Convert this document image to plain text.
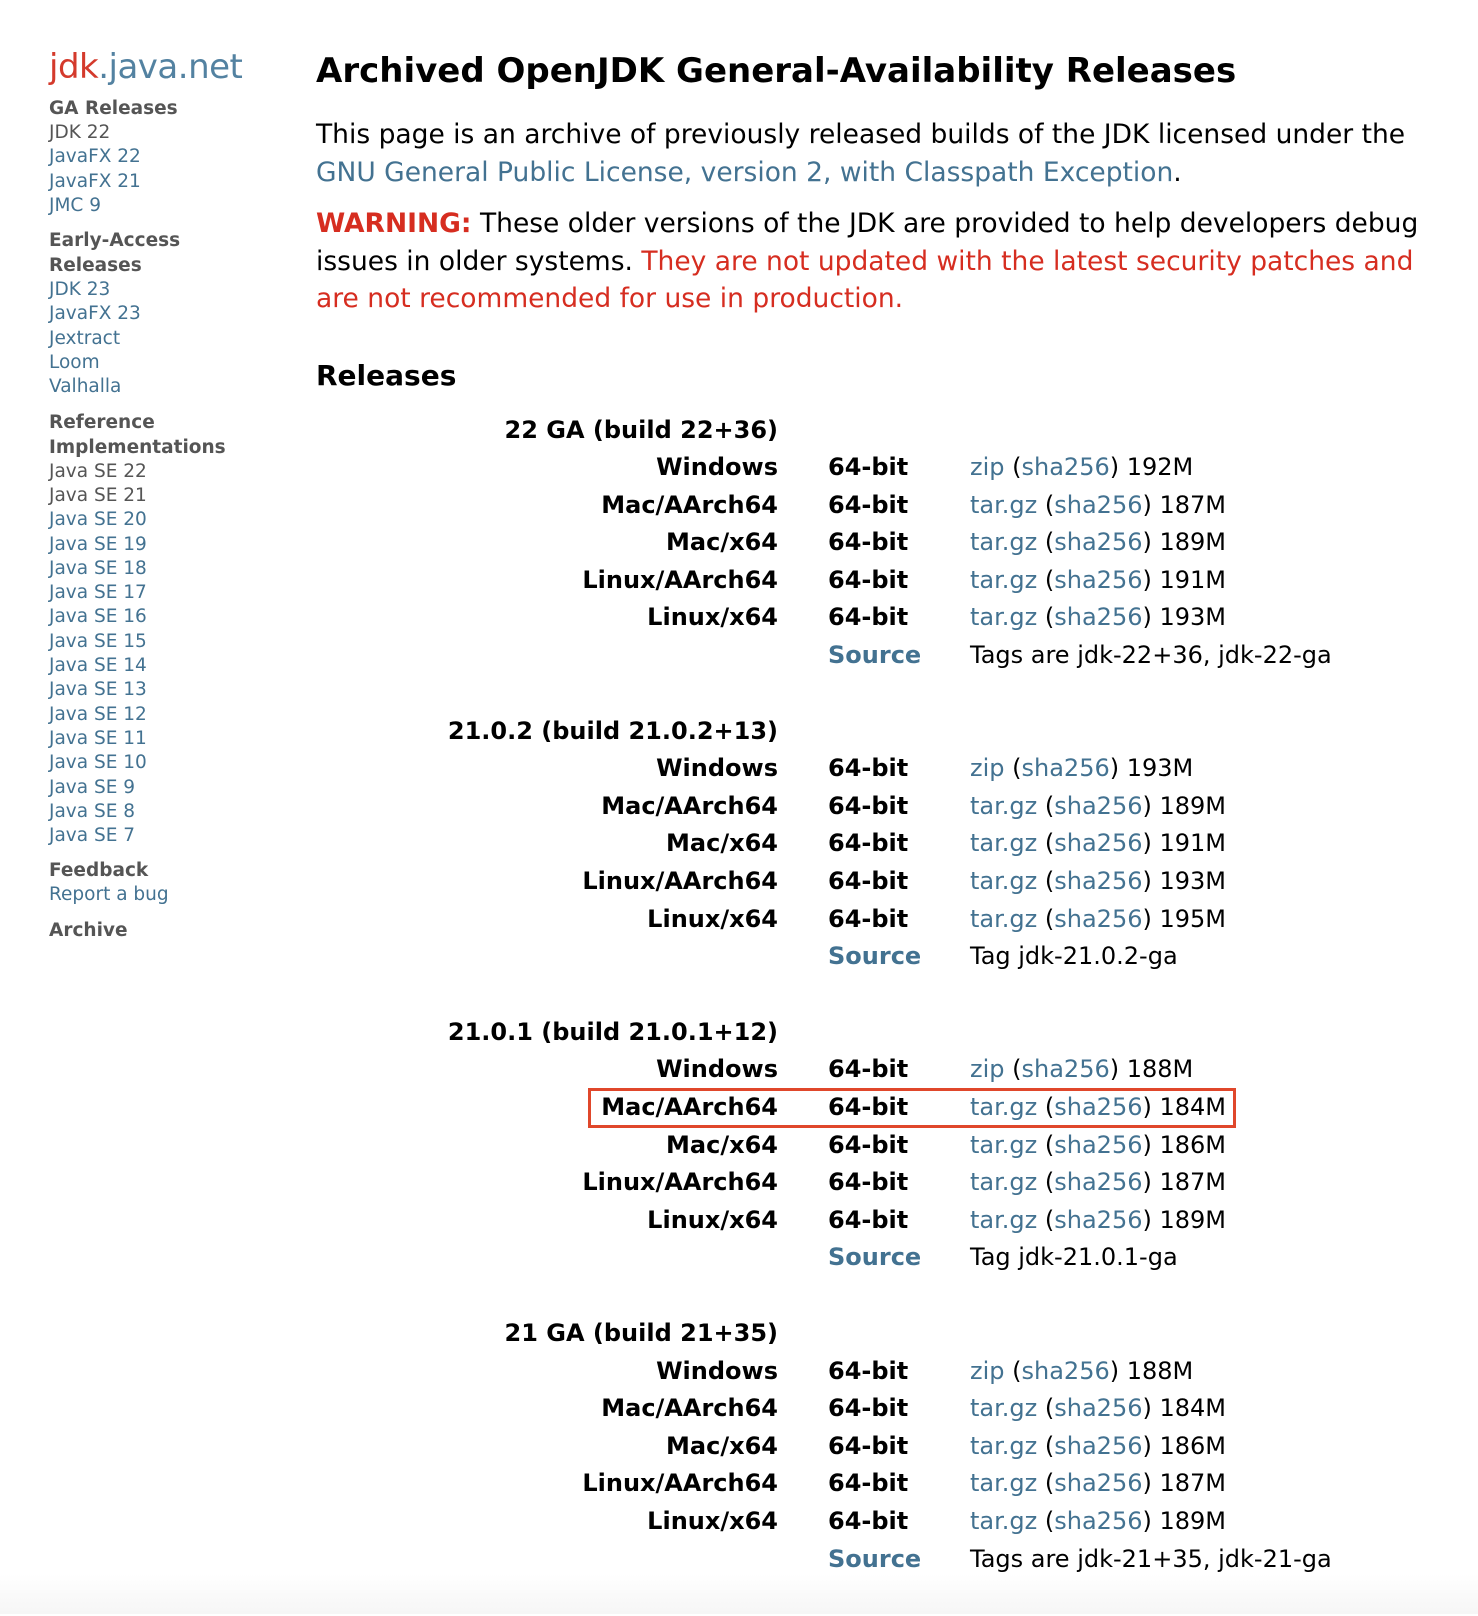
jdk.java.net
GA Releases
JDK 22
JavaFX 22
JavaFX 21
JMC 9
Early-Access Releases
JDK 23
JavaFX 23
Jextract
Loom
Valhalla
Reference Implementations
Java SE 22
Java SE 21
Java SE 20
Java SE 19
Java SE 18
Java SE 17
Java SE 16
Java SE 15
Java SE 14
Java SE 13
Java SE 12
Java SE 11
Java SE 10
Java SE 9
Java SE 8
Java SE 7
Feedback
Report a bug
Archive
Archived OpenJDK General-Availability Releases

This page is an archive of previously released builds of the JDK licensed under the GNU General Public License, version 2, with Classpath Exception.

WARNING: These older versions of the JDK are provided to help developers debug issues in older systems. They are not updated with the latest security patches and are not recommended for use in production.

Releases
22 GA (build 22+36)
Windows 64-bit	zip (sha256) 192M
Mac/AArch64 64-bit	tar.gz (sha256) 187M
Mac/x64 64-bit	tar.gz (sha256) 189M
Linux/AArch64 64-bit	tar.gz (sha256) 191M
Linux/x64 64-bit	tar.gz (sha256) 193M
Source Tags are jdk-22+36, jdk-22-ga
21.0.2 (build 21.0.2+13)
Windows 64-bit	zip (sha256) 193M
Mac/AArch64 64-bit	tar.gz (sha256) 189M
Mac/x64 64-bit	tar.gz (sha256) 191M
Linux/AArch64 64-bit	tar.gz (sha256) 193M
Linux/x64 64-bit	tar.gz (sha256) 195M
Source Tag jdk-21.0.2-ga
21.0.1 (build 21.0.1+12)
Windows 64-bit	zip (sha256) 188M
Mac/AArch64 64-bit	tar.gz (sha256) 184M
Mac/x64 64-bit	tar.gz (sha256) 186M
Linux/AArch64 64-bit	tar.gz (sha256) 187M
Linux/x64 64-bit	tar.gz (sha256) 189M
Source Tag jdk-21.0.1-ga
21 GA (build 21+35)
Windows 64-bit	zip (sha256) 188M
Mac/AArch64 64-bit	tar.gz (sha256) 184M
Mac/x64 64-bit	tar.gz (sha256) 186M
Linux/AArch64 64-bit	tar.gz (sha256) 187M
Linux/x64 64-bit	tar.gz (sha256) 189M
Source Tags are jdk-21+35, jdk-21-ga
